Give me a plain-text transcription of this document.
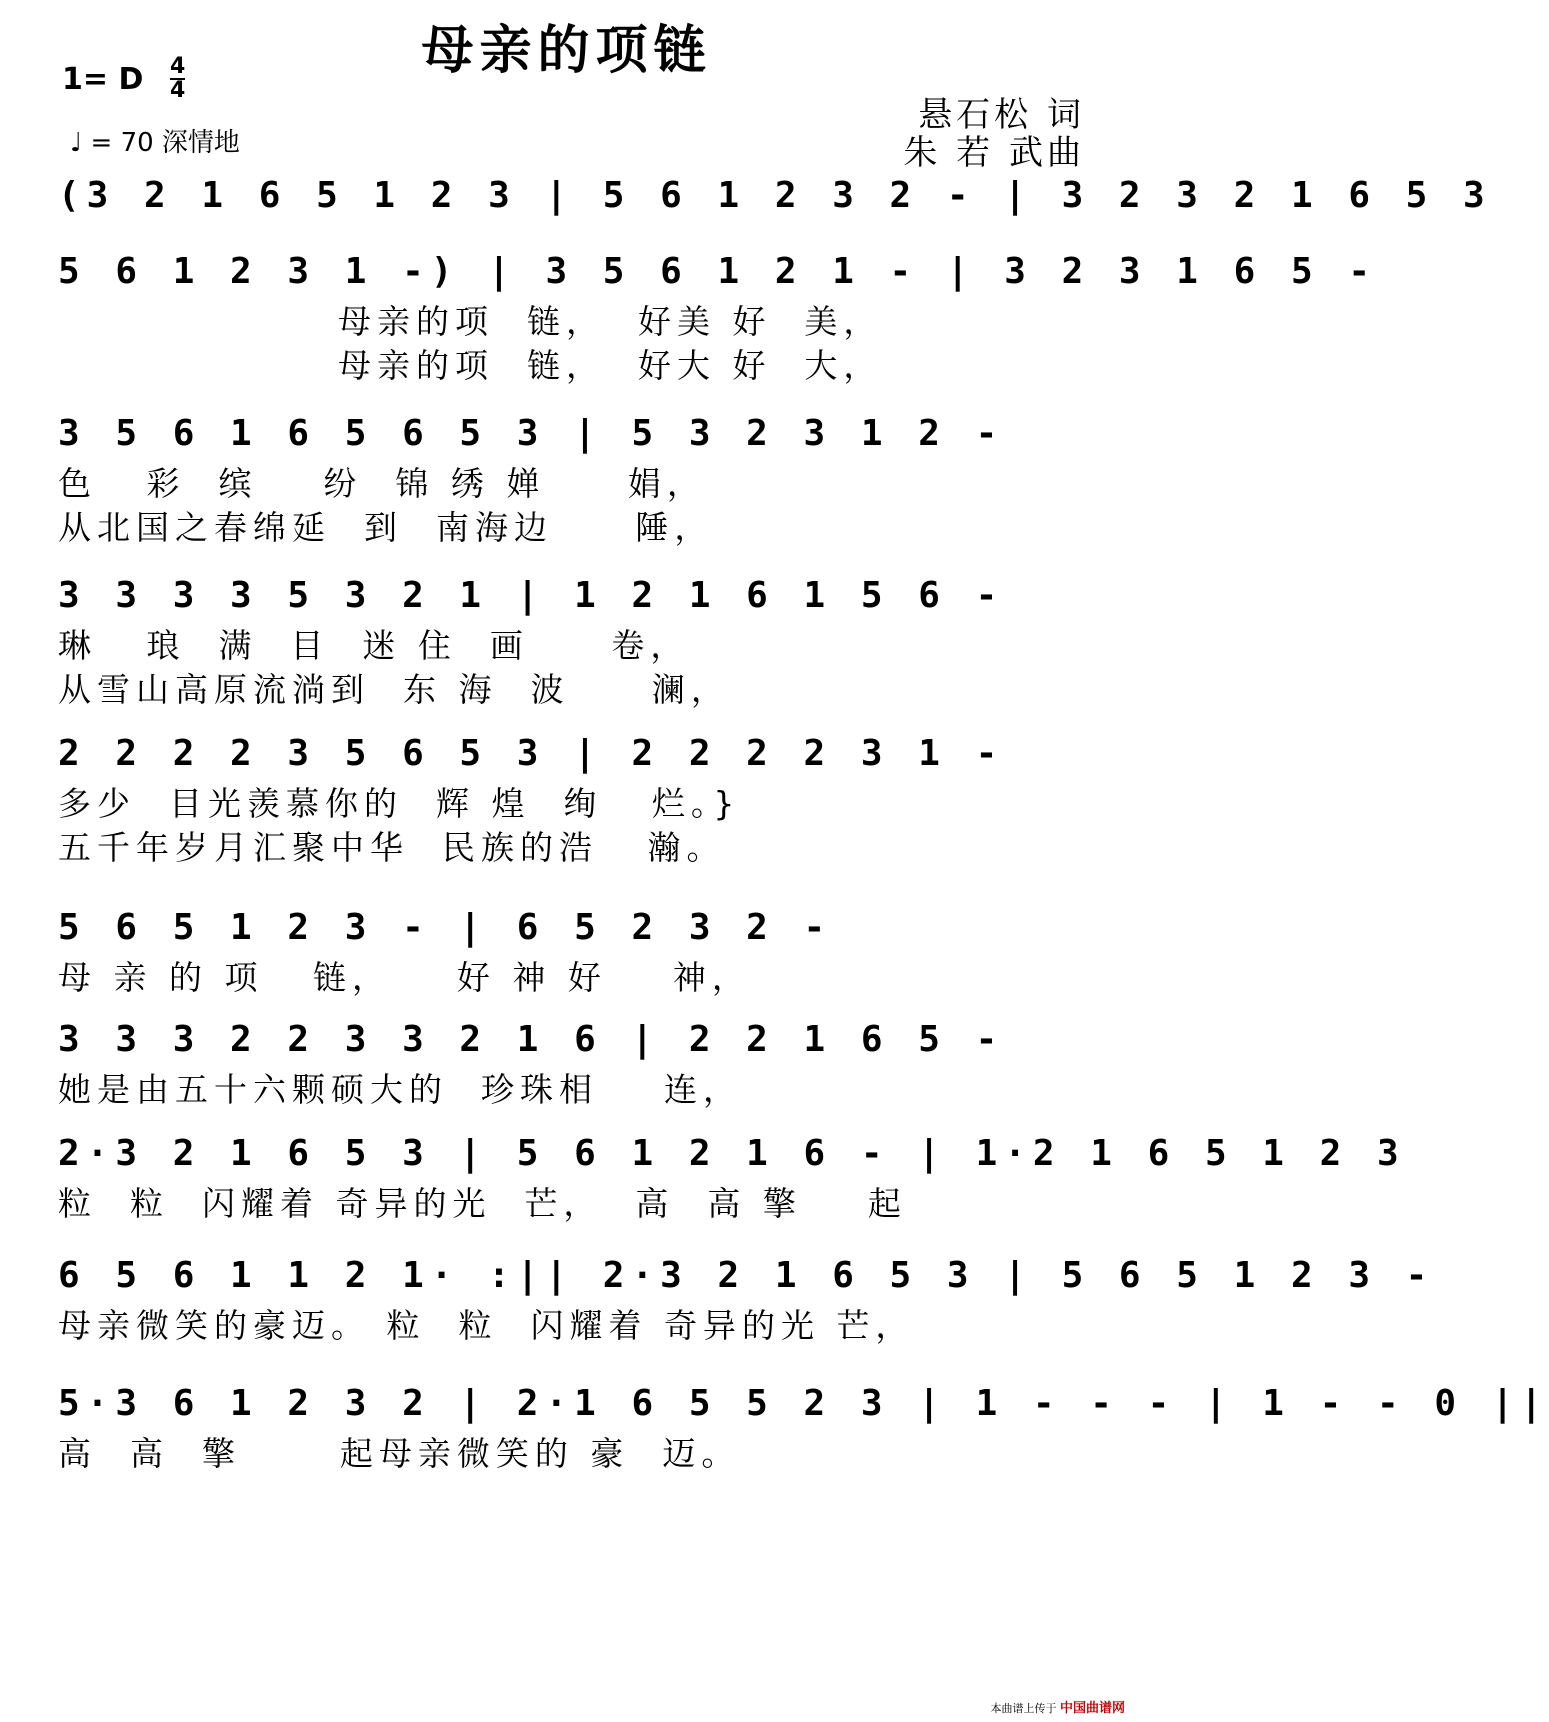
母亲的项链
1= D 4
4
♩ = 70 深情地
悬石松 词
朱 若 武曲
(3 2 1 6 5 1 2 3 | 5 6 1 2 3 2 - | 3 2 3 2 1 6 5 3
5 6 1 2 3 1 -) | 3 5 6 1 2 1 - | 3 2 3 1 6 5 -
母亲的项  链，  好美 好  美，
母亲的项  链，  好大 好  大，
3 5 6 1 6 5 6 5 3 | 5 3 2 3 1 2 -
色   彩  缤    纷  锦 绣 婵     娟，
从北国之春绵延  到  南海边     陲，
3 3 3 3 5 3 2 1 | 1 2 1 6 1 5 6 -
琳   琅  满  目  迷 住  画     卷，
从雪山高原流淌到  东 海  波     澜，
2 2 2 2 3 5 6 5 3 | 2 2 2 2 3 1 -
多少  目光羡慕你的  辉 煌  绚   烂。}
五千年岁月汇聚中华  民族的浩   瀚。
5 6 5 1 2 3 - | 6 5 2 3 2 -
母 亲 的 项   链，    好 神 好    神，
3 3 3 2 2 3 3 2 1 6 | 2 2 1 6 5 -
她是由五十六颗硕大的  珍珠相    连，
2·3 2 1 6 5 3 | 5 6 1 2 1 6 - | 1·2 1 6 5 1 2 3
粒  粒  闪耀着 奇异的光  芒，  高  高 擎    起
6 5 6 1 1 2 1· :|| 2·3 2 1 6 5 3 | 5 6 5 1 2 3 -
母亲微笑的豪迈。 粒  粒  闪耀着 奇异的光 芒，
5·3 6 1 2 3 2 | 2·1 6 5 5 2 3 | 1 - - - | 1 - - 0 ||
高  高  擎      起母亲微笑的 豪  迈。
本曲谱上传于 中国曲谱网
